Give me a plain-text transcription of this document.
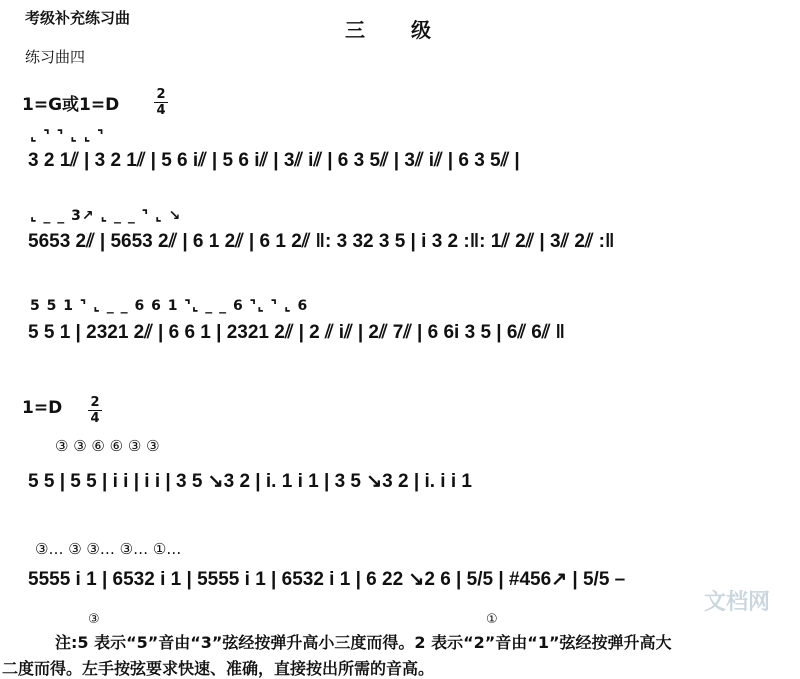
考级补充练习曲	三　　级
练习曲四
1=G或1=D
2
4
⌞ ⌝ ⌝ ⌞ ⌞ ⌝
3 2 1⫽ | 3 2 1⫽ | 5 6 i⫽ | 5 6 i⫽ | 3⫽ i⫽ | 6 3 5⫽ | 3⫽ i⫽ | 6 3 5⫽ |
⌞ _ _ 3↗ ⌞ _ _ ⌝ ⌞ ↘
5653 2⫽ | 5653 2⫽ | 6 1 2⫽ | 6 1 2⫽ ‖: 3 32 3 5 | i 3 2 :‖: 1⫽ 2⫽ | 3⫽ 2⫽ :‖
5 5 1 ⌝ ⌞ _ _ 6 6 1 ⌝⌞ _ _ 6 ⌝⌞ ⌝ ⌞ 6
5 5 1 | 2321 2⫽ | 6 6 1 | 2321 2⫽ | 2 ⫽ i⫽ | 2⫽ 7⫽ | 6 6i 3 5 | 6⫽ 6⫽ ‖
1=D 2
4
③ ③ ⑥ ⑥ ③ ③
5 5 | 5 5 | i i | i i | 3 5 ↘3 2 | i. 1 i 1 | 3 5 ↘3 2 | i. i i 1
③… ③ ③… ③… ①…
5555 i 1 | 6532 i 1 | 5555 i 1 | 6532 i 1 | 6 22 ↘2 6 | 5/5 | #456↗ | 5/5 –
文档网
③	①
注:5 表示“5”音由“3”弦经按弹升高小三度而得。2 表示“2”音由“1”弦经按弹升高大
二度而得。左手按弦要求快速、准确，直接按出所需的音高。
